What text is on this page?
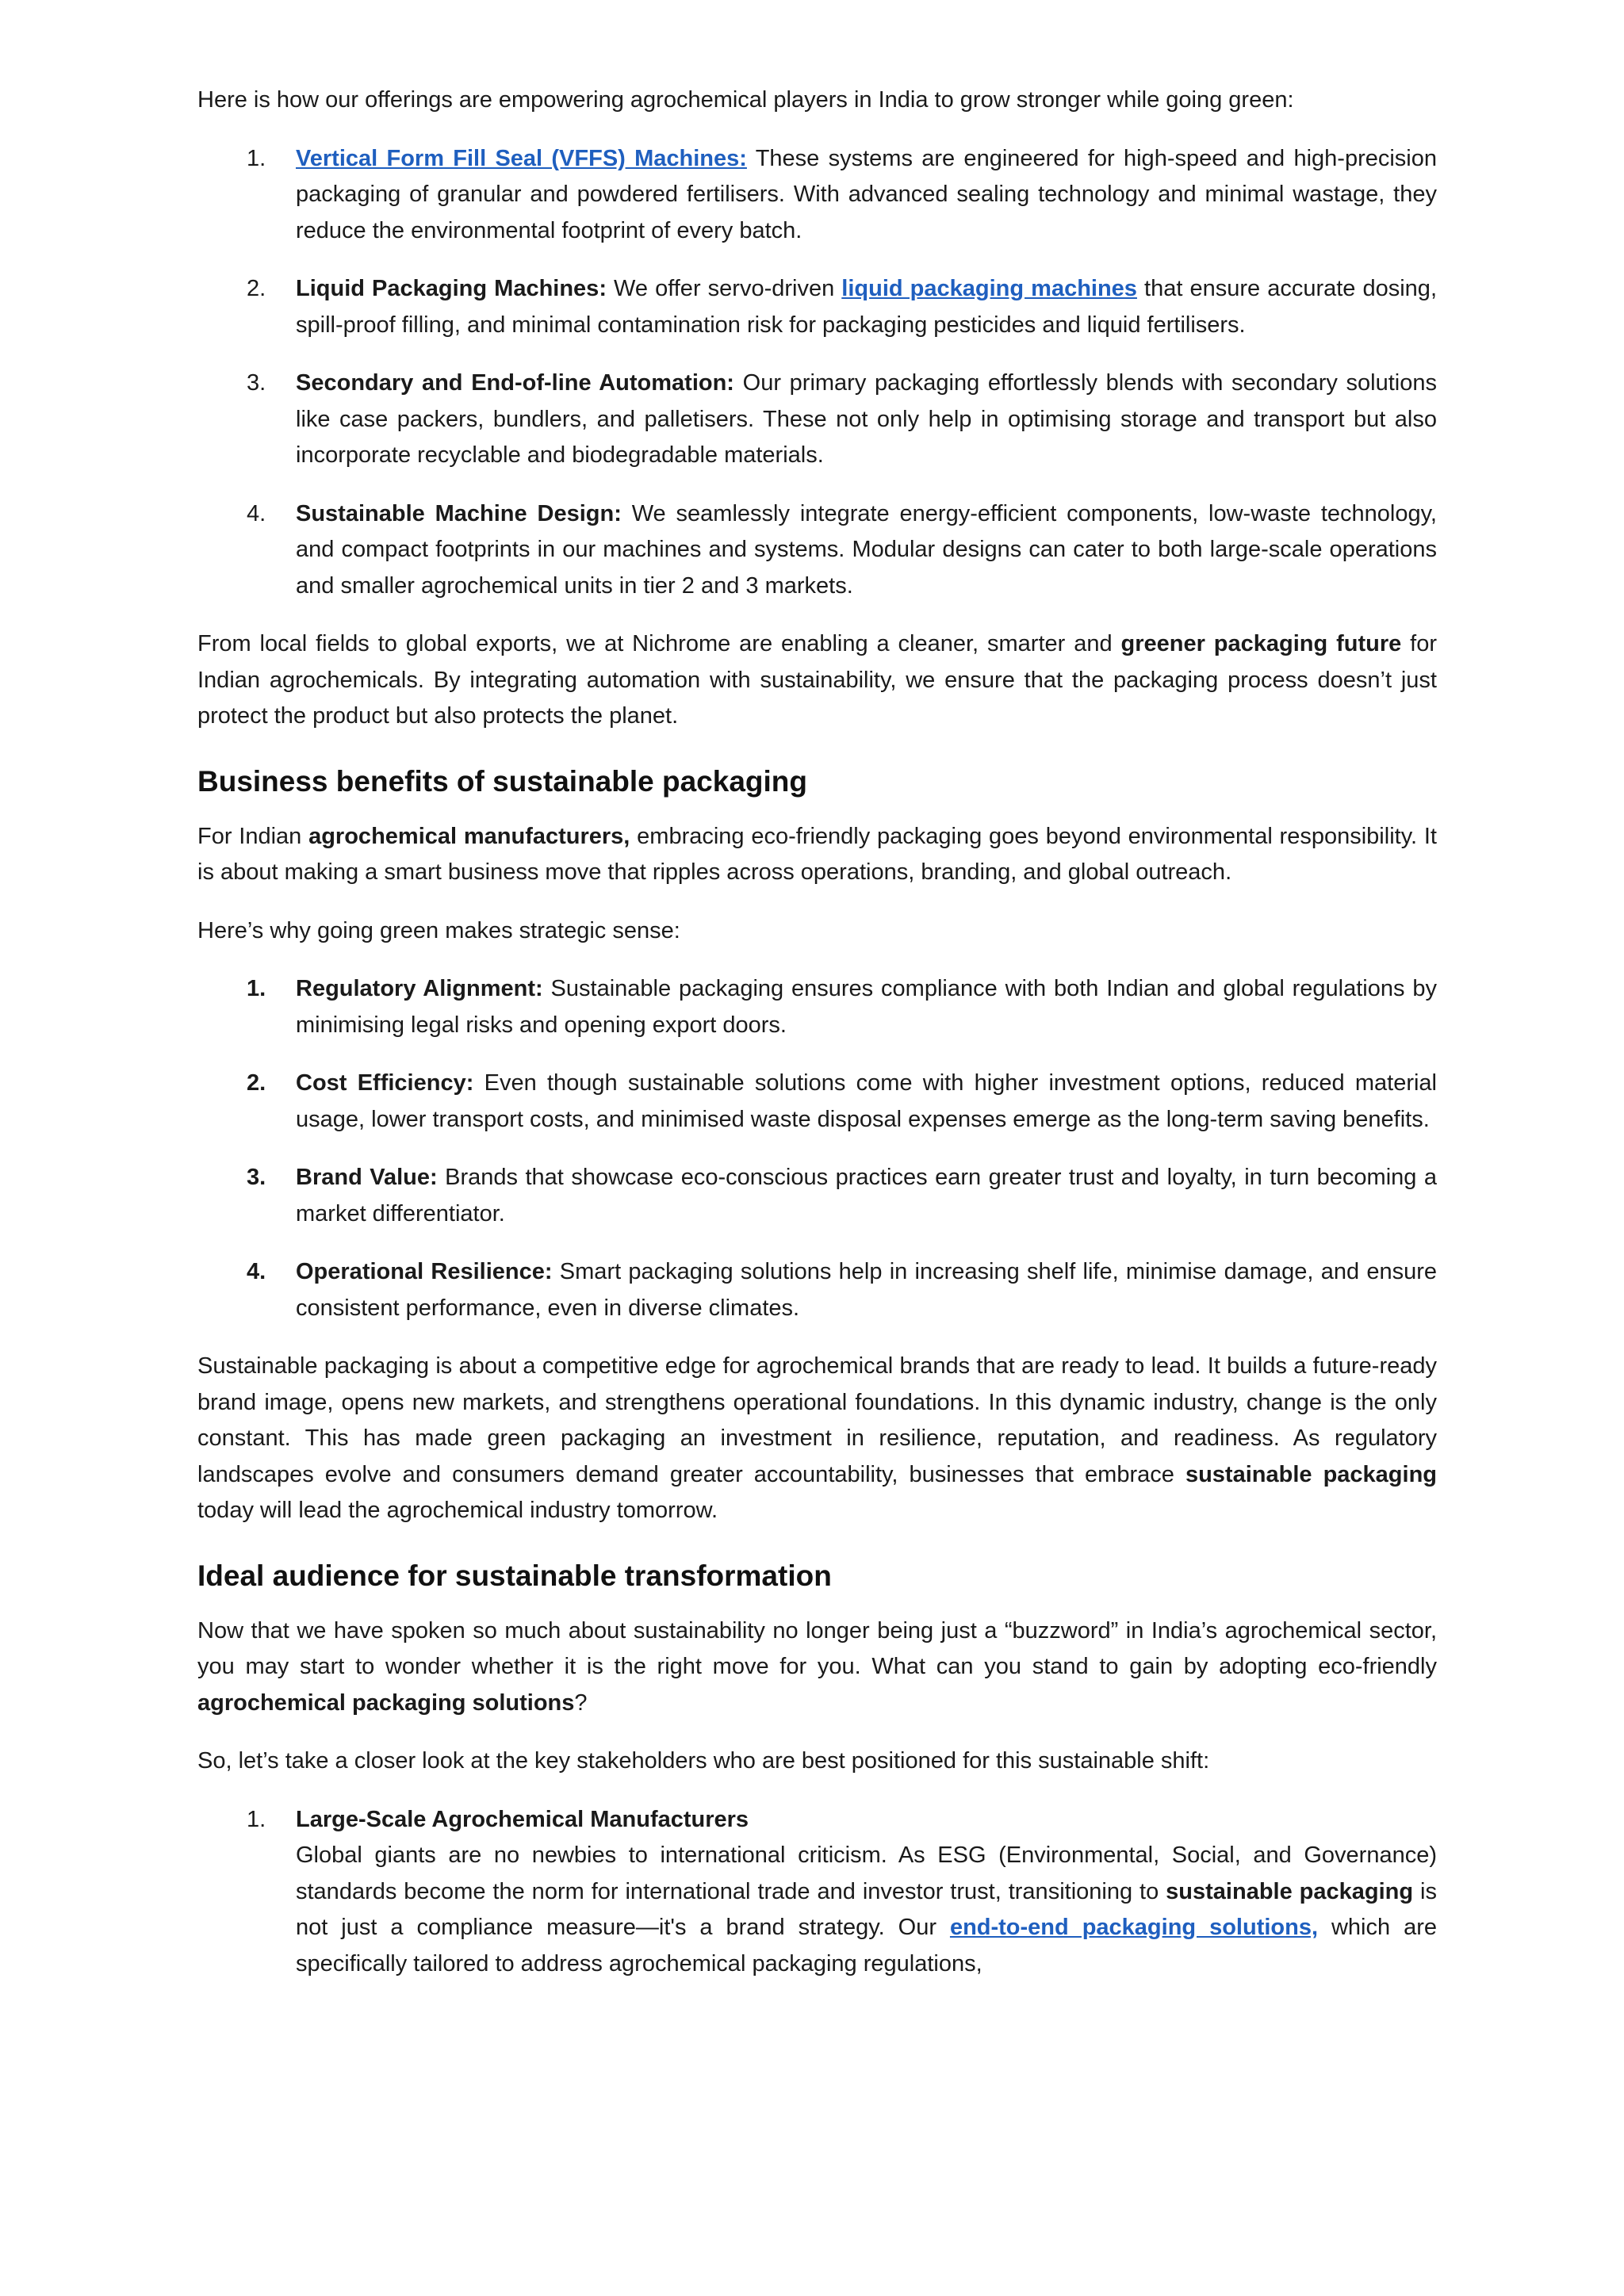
Here is how our offerings are empowering agrochemical players in India to grow stronger while going green:

1. Vertical Form Fill Seal (VFFS) Machines: These systems are engineered for high-speed and high-precision packaging of granular and powdered fertilisers. With advanced sealing technology and minimal wastage, they reduce the environmental footprint of every batch.
2. Liquid Packaging Machines: We offer servo-driven liquid packaging machines that ensure accurate dosing, spill-proof filling, and minimal contamination risk for packaging pesticides and liquid fertilisers.
3. Secondary and End-of-line Automation: Our primary packaging effortlessly blends with secondary solutions like case packers, bundlers, and palletisers. These not only help in optimising storage and transport but also incorporate recyclable and biodegradable materials.
4. Sustainable Machine Design: We seamlessly integrate energy-efficient components, low-waste technology, and compact footprints in our machines and systems. Modular designs can cater to both large-scale operations and smaller agrochemical units in tier 2 and 3 markets.

From local fields to global exports, we at Nichrome are enabling a cleaner, smarter and greener packaging future for Indian agrochemicals. By integrating automation with sustainability, we ensure that the packaging process doesn’t just protect the product but also protects the planet.

Business benefits of sustainable packaging

For Indian agrochemical manufacturers, embracing eco-friendly packaging goes beyond environmental responsibility. It is about making a smart business move that ripples across operations, branding, and global outreach.

Here’s why going green makes strategic sense:

1. Regulatory Alignment: Sustainable packaging ensures compliance with both Indian and global regulations by minimising legal risks and opening export doors.
2. Cost Efficiency: Even though sustainable solutions come with higher investment options, reduced material usage, lower transport costs, and minimised waste disposal expenses emerge as the long-term saving benefits.
3. Brand Value: Brands that showcase eco-conscious practices earn greater trust and loyalty, in turn becoming a market differentiator.
4. Operational Resilience: Smart packaging solutions help in increasing shelf life, minimise damage, and ensure consistent performance, even in diverse climates.

Sustainable packaging is about a competitive edge for agrochemical brands that are ready to lead. It builds a future-ready brand image, opens new markets, and strengthens operational foundations. In this dynamic industry, change is the only constant. This has made green packaging an investment in resilience, reputation, and readiness. As regulatory landscapes evolve and consumers demand greater accountability, businesses that embrace sustainable packaging today will lead the agrochemical industry tomorrow.

Ideal audience for sustainable transformation

Now that we have spoken so much about sustainability no longer being just a “buzzword” in India’s agrochemical sector, you may start to wonder whether it is the right move for you. What can you stand to gain by adopting eco-friendly agrochemical packaging solutions?

So, let’s take a closer look at the key stakeholders who are best positioned for this sustainable shift:

1. Large-Scale Agrochemical Manufacturers
Global giants are no newbies to international criticism. As ESG (Environmental, Social, and Governance) standards become the norm for international trade and investor trust, transitioning to sustainable packaging is not just a compliance measure—it's a brand strategy. Our end-to-end packaging solutions, which are specifically tailored to address agrochemical packaging regulations,
